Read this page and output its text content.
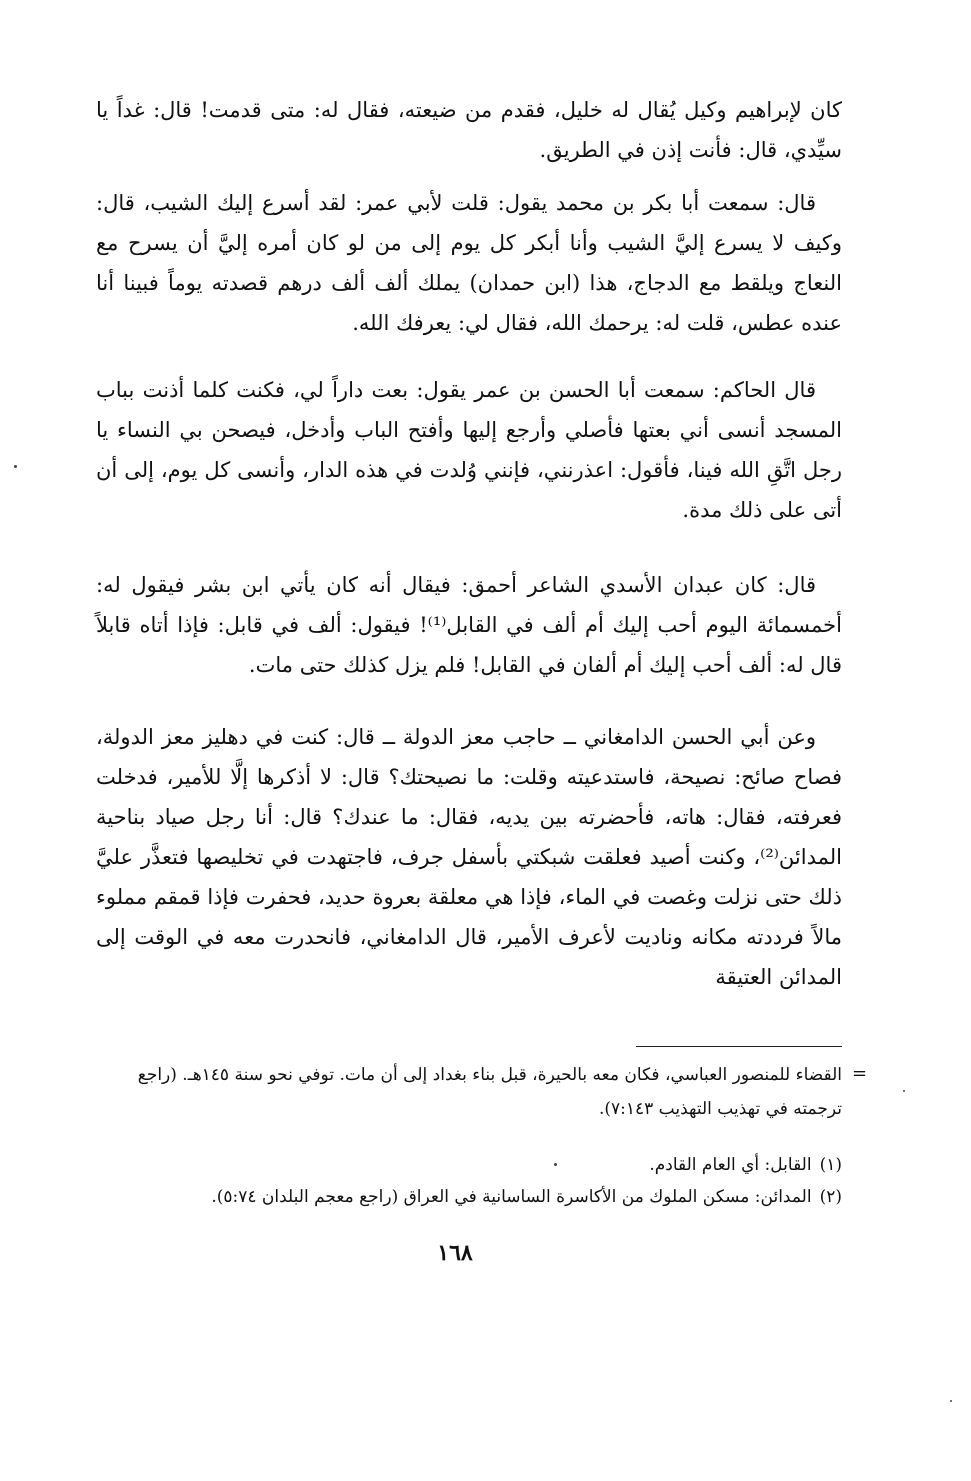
كان لإبراهيم وكيل يُقال له خليل، فقدم من ضيعته، فقال له: متى قدمت! قال: غداً يا سيِّدي، قال: فأنت إذن في الطريق.

قال: سمعت أبا بكر بن محمد يقول: قلت لأبي عمر: لقد أسرع إليك الشيب، قال: وكيف لا يسرع إليَّ الشيب وأنا أبكر كل يوم إلى من لو كان أمره إليَّ أن يسرح مع النعاج ويلقط مع الدجاج، هذا (ابن حمدان) يملك ألف ألف درهم قصدته يوماً فبينا أنا عنده عطس، قلت له: يرحمك الله، فقال لي: يعرفك الله.

قال الحاكم: سمعت أبا الحسن بن عمر يقول: بعت داراً لي، فكنت كلما أذنت بباب المسجد أنسى أني بعتها فأصلي وأرجع إليها وأفتح الباب وأدخل، فيصحن بي النساء يا رجل اتَّقِ الله فينا، فأقول: اعذرنني، فإنني وُلدت في هذه الدار، وأنسى كل يوم، إلى أن أتى على ذلك مدة.

قال: كان عبدان الأسدي الشاعر أحمق: فيقال أنه كان يأتي ابن بشر فيقول له: أخمسمائة اليوم أحب إليك أم ألف في القابل⁽¹⁾! فيقول: ألف في قابل: فإذا أتاه قابلاً قال له: ألف أحب إليك أم ألفان في القابل! فلم يزل كذلك حتى مات.

وعن أبي الحسن الدامغاني ــ حاجب معز الدولة ــ قال: كنت في دهليز معز الدولة، فصاح صائح: نصيحة، فاستدعيته وقلت: ما نصيحتك؟ قال: لا أذكرها إلَّا للأمير، فدخلت فعرفته، فقال: هاته، فأحضرته بين يديه، فقال: ما عندك؟ قال: أنا رجل صياد بناحية المدائن⁽²⁾، وكنت أصيد فعلقت شبكتي بأسفل جرف، فاجتهدت في تخليصها فتعذَّر عليَّ ذلك حتى نزلت وغصت في الماء، فإذا هي معلقة بعروة حديد، فحفرت فإذا قمقم مملوء مالاً فرددته مكانه وناديت لأعرف الأمير، قال الدامغاني، فانحدرت معه في الوقت إلى المدائن العتيقة

=
القضاء للمنصور العباسي، فكان معه بالحيرة، قبل بناء بغداد إلى أن مات. توفي نحو سنة ١٤٥هـ. (راجع ترجمته في تهذيب التهذيب ٧:١٤٣).
(١)القابل: أي العام القادم.
(٢)المدائن: مسكن الملوك من الأكاسرة الساسانية في العراق (راجع معجم البلدان ٥:٧٤).
١٦٨
